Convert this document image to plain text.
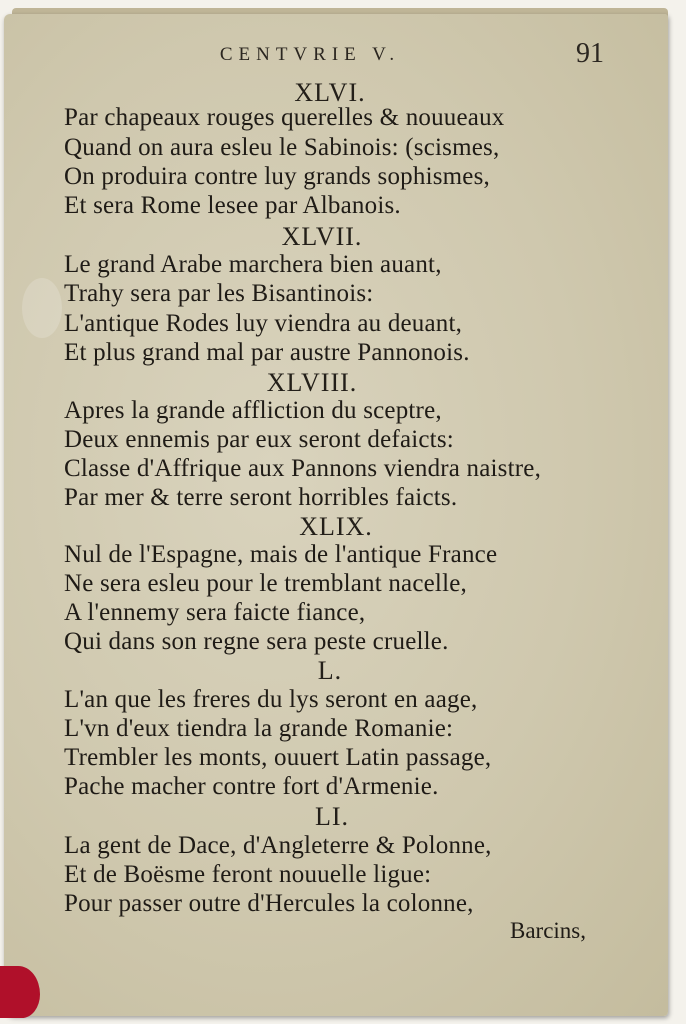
CENTVRIE V.	91
XLVI.
Par chapeaux rouges querelles & nouueaux
Quand on aura esleu le Sabinois: (scismes,
On produira contre luy grands sophismes,
Et sera Rome lesee par Albanois.
XLVII.
Le grand Arabe marchera bien auant,
Trahy sera par les Bisantinois:
L'antique Rodes luy viendra au deuant,
Et plus grand mal par austre Pannonois.
XLVIII.
Apres la grande affliction du sceptre,
Deux ennemis par eux seront defaicts:
Classe d'Affrique aux Pannons viendra naistre,
Par mer & terre seront horribles faicts.
XLIX.
Nul de l'Espagne, mais de l'antique France
Ne sera esleu pour le tremblant nacelle,
A l'ennemy sera faicte fiance,
Qui dans son regne sera peste cruelle.
L.
L'an que les freres du lys seront en aage,
L'vn d'eux tiendra la grande Romanie:
Trembler les monts, ouuert Latin passage,
Pache macher contre fort d'Armenie.
LI.
La gent de Dace, d'Angleterre & Polonne,
Et de Boësme feront nouuelle ligue:
Pour passer outre d'Hercules la colonne,
Barcins,
